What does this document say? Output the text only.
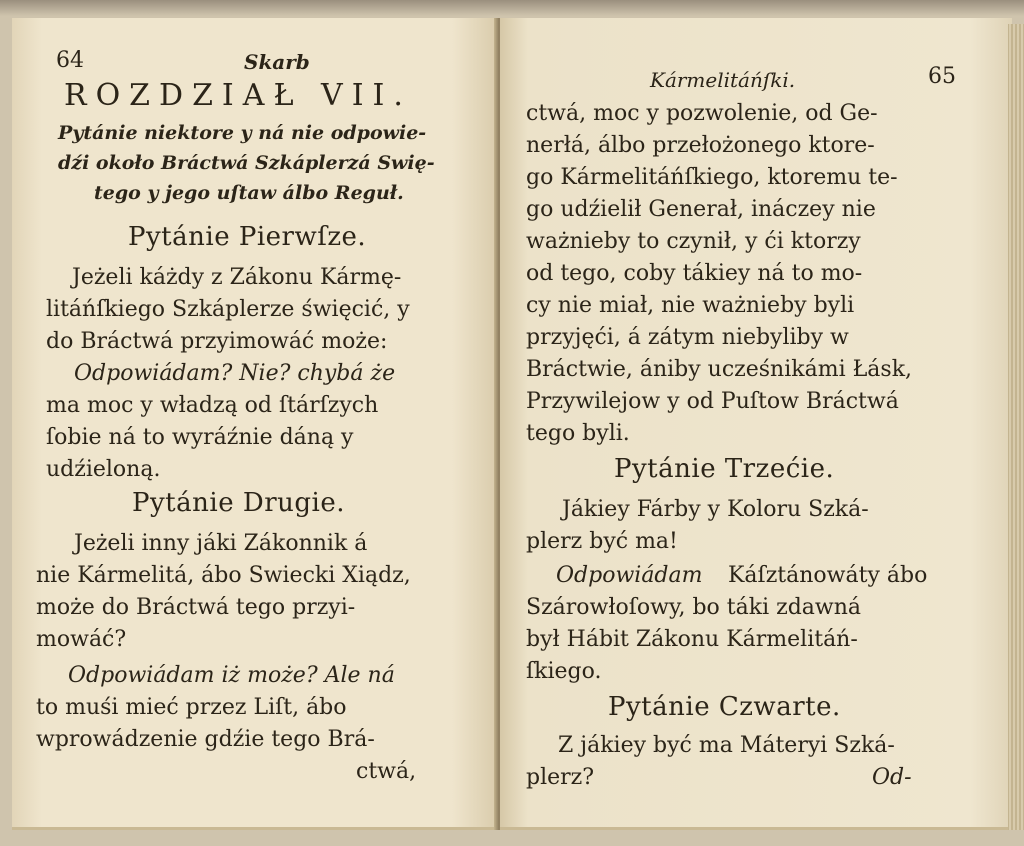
64	Skarb
ROZDZIAŁ VII.
Pytánie niektore y ná nie odpowie-
dźi około Bráctwá Szkáplerzá Swię-
tego y jego uſtaw álbo Reguł.
Pytánie Pierwſze.
Jeżeli káżdy z Zákonu Kármę-
litáńſkiego Szkáplerze święcić, y
do Bráctwá przyimowáć może:
Odpowiádam? Nie? chybá że
ma moc y władzą od ſtárſzych
ſobie ná to wyráźnie dáną y
udźieloną.
Pytánie Drugie.
Jeżeli inny jáki Zákonnik á
nie Kármelitá, ábo Swiecki Xiądz,
może do Bráctwá tego przyi-
mowáć?
Odpowiádam iż może? Ale ná
to muśi mieć przez Liſt, ábo
wprowádzenie gdźie tego Brá-
ctwá,
Kármelitáńſki.	65
ctwá, moc y pozwolenie, od Ge-
nerłá, álbo przełożonego ktore-
go Kármelitáńſkiego, ktoremu te-
go udźielił Generał, ináczey nie
ważnieby to czynił, y ći ktorzy
od tego, coby tákiey ná to mo-
cy nie miał, nie ważnieby byli
przyjęći, á zátym niebyliby w
Bráctwie, ániby ucześnikámi Łásk,
Przywilejow y od Puſtow Bráctwá
tego byli.
Pytánie Trzećie.
Jákiey Fárby y Koloru Szká-
plerz być ma!
Odpowiádam Káſztánowáty ábo
Szárowłoſowy, bo táki zdawná
był Hábit Zákonu Kármelitáń-
ſkiego.
Pytánie Czwarte.
Z jákiey być ma Máteryi Szká-
plerz?	Od-
